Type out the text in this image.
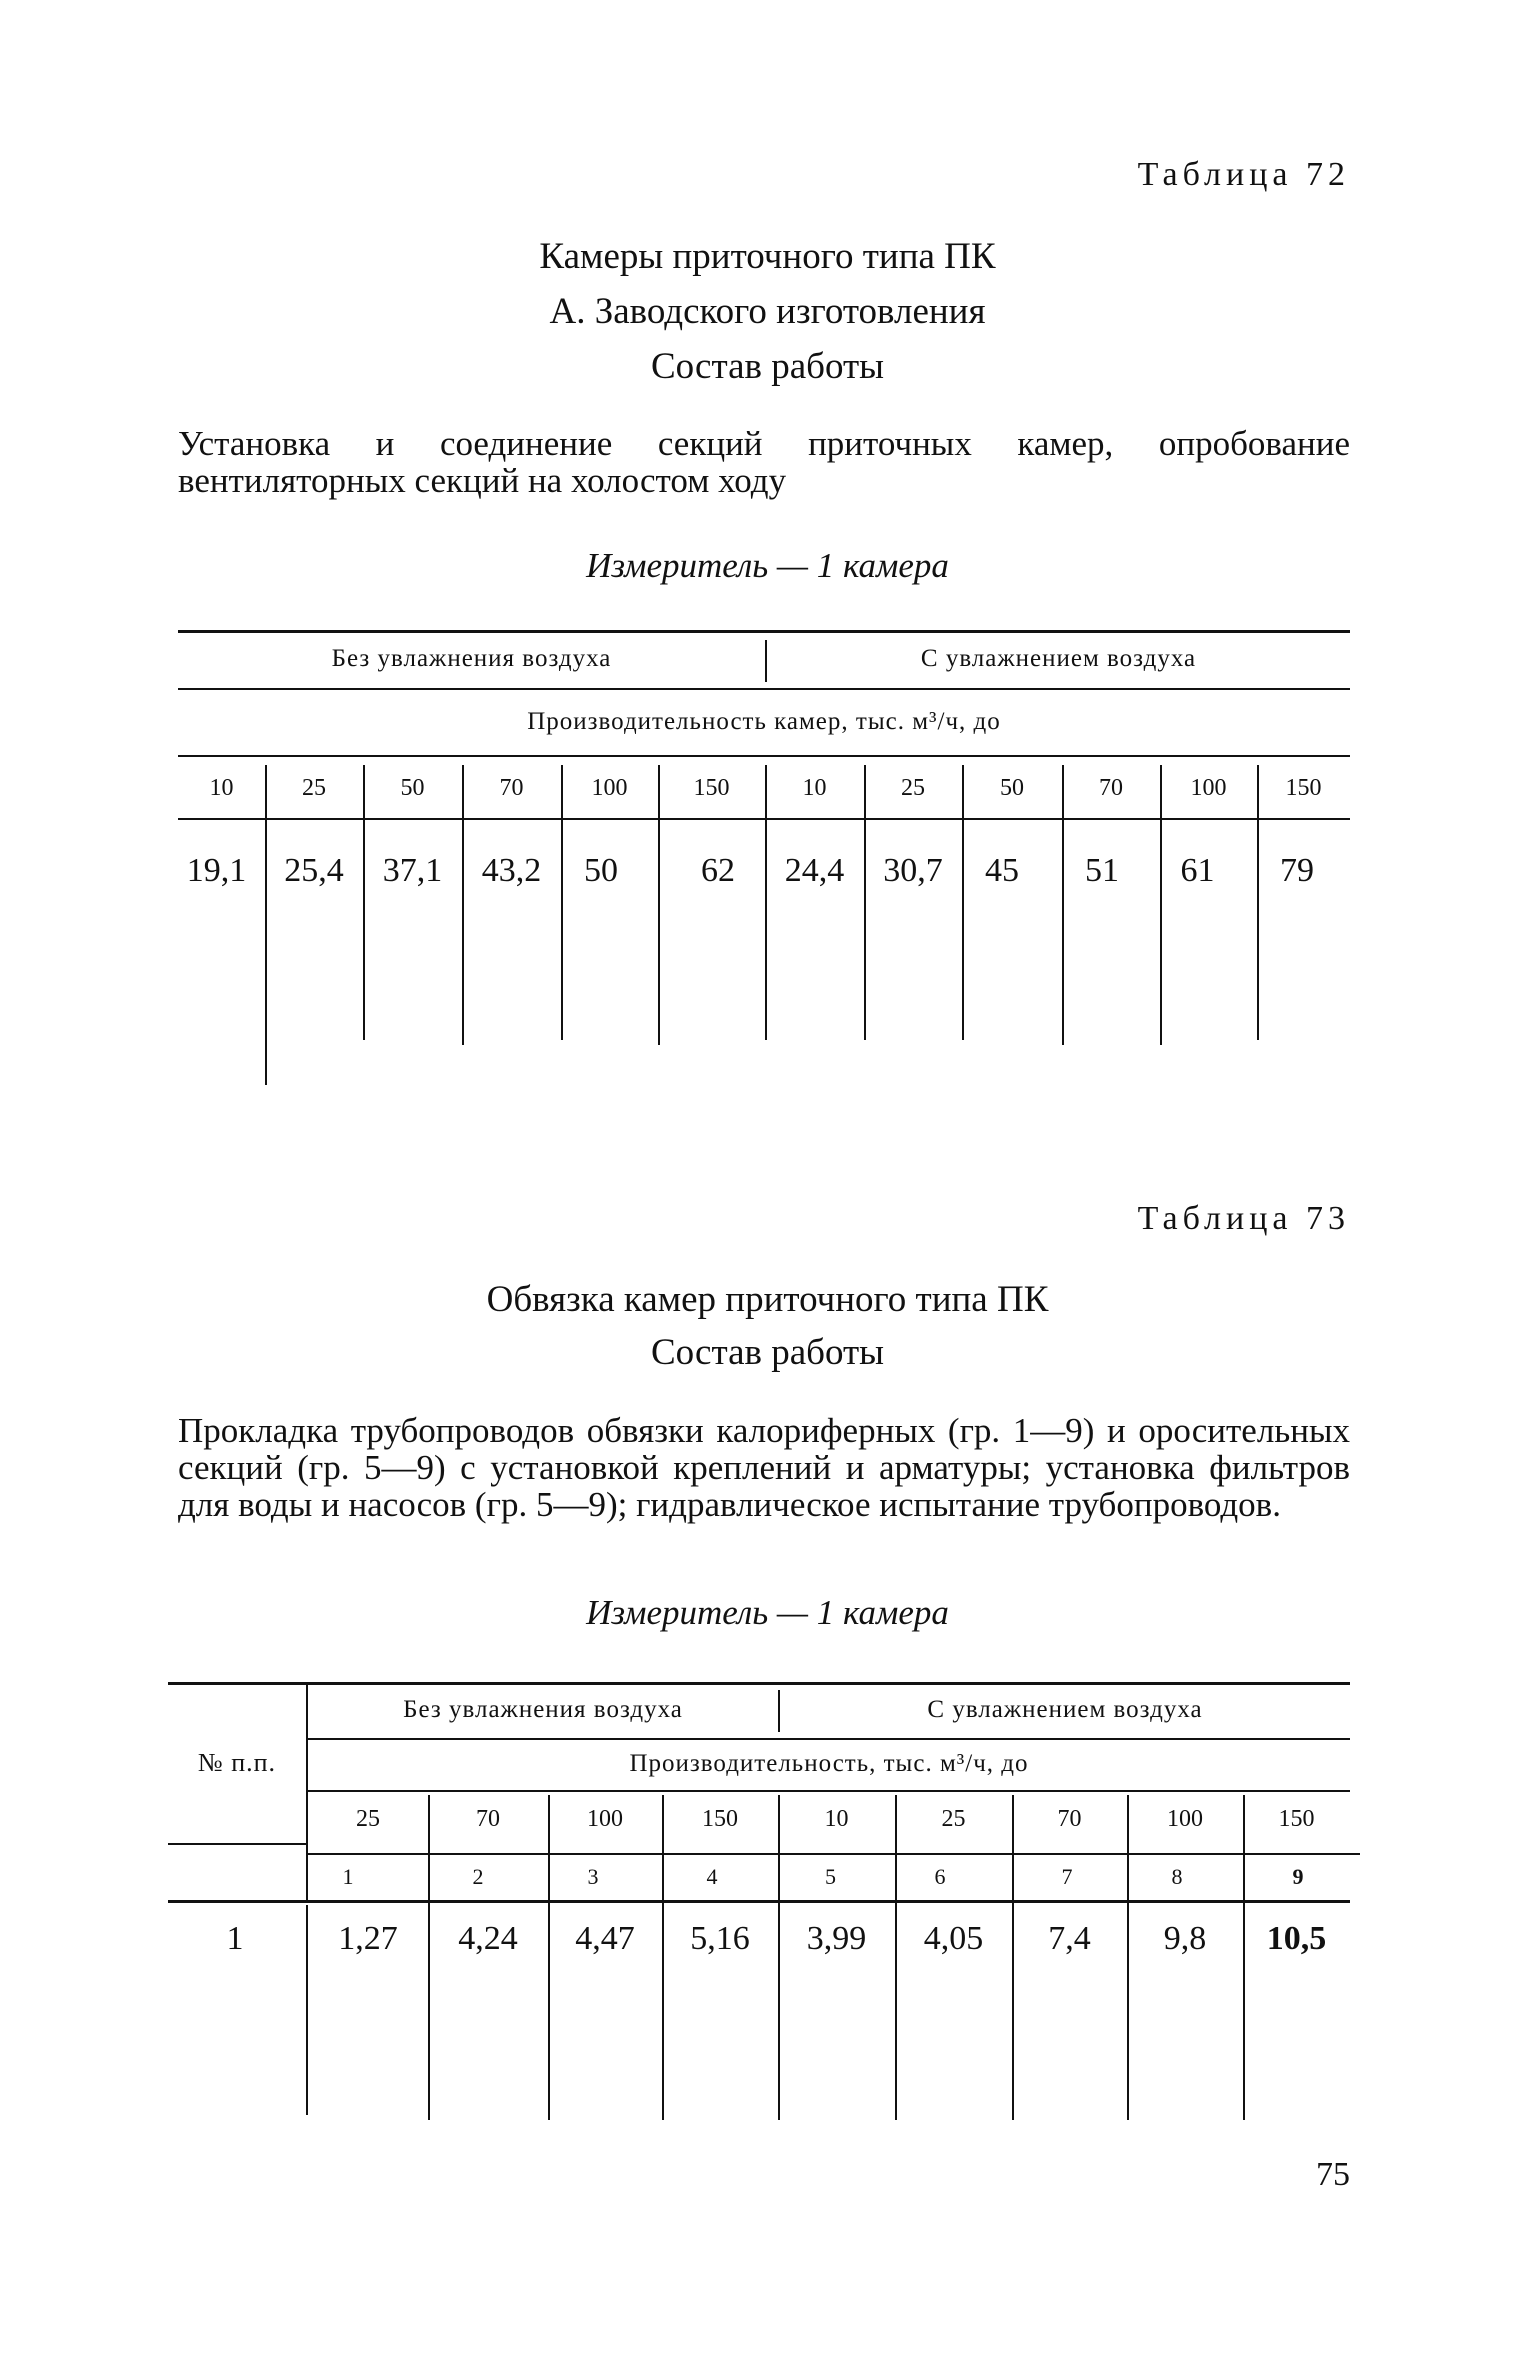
Таблица 72
Камеры приточного типа ПК
А. Заводского изготовления
Состав работы
Установка и соединение секций приточных камер, опробование вентиляторных секций на холостом ходу
Измеритель — 1 камера
Без увлажнения воздуха	С увлажнением воздуха
Производительность камер, тыс. м³/ч, до
10	25	50	70	100	150	10	25	50	70	100	150
19,1	25,4	37,1	43,2	50	62	24,4	30,7	45	51	61	79
Таблица 73
Обвязка камер приточного типа ПК
Состав работы
Прокладка трубопроводов обвязки калориферных (гр. 1—9) и оросительных секций (гр. 5—9) с установкой креплений и арматуры; установка фильтров для воды и насосов (гр. 5—9); гидравлическое испытание трубопроводов.
Измеритель — 1 камера
№ п.п.
Без увлажнения воздуха	С увлажнением воздуха
Производительность, тыс. м³/ч, до
25	70	100	150	10	25	70	100	150
1	2	3	4	5	6	7	8	9
1	1,27	4,24	4,47	5,16	3,99	4,05	7,4	9,8	10,5
75
